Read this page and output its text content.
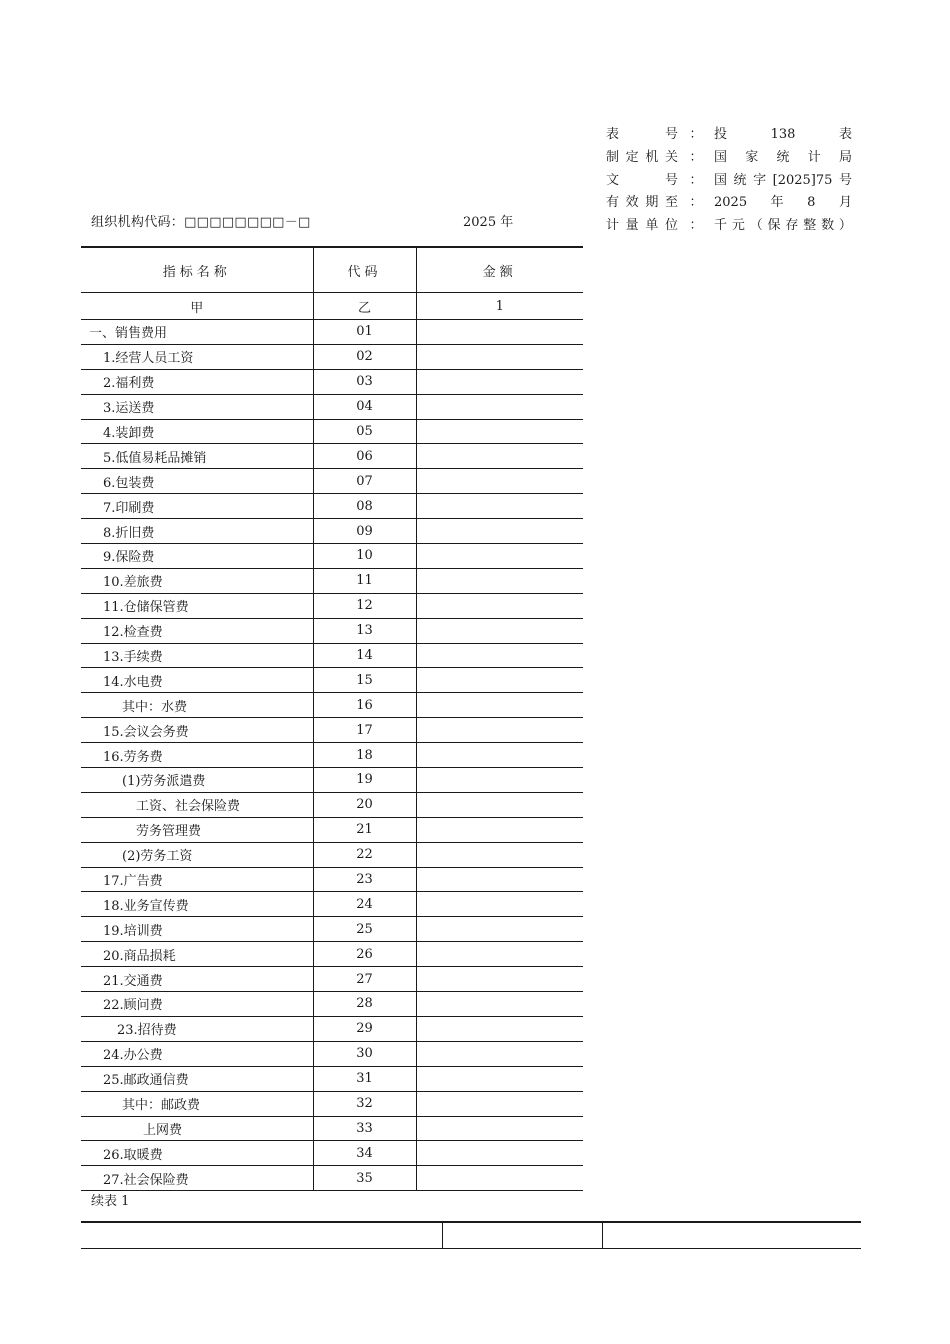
表	号 ： 投	138	表
制 定 机 关 ： 国 家 统 计 局
文	号 ： 国 统 字 [2025]75 号
有 效 期 至 ： 2025 年 8 月
计 量 单 位 ： 千 元 （ 保 存 整 数 ）
组织机构代码：□□□□□□□□－□	2025 年
指标名称	代码	金额
甲	乙	1
一、销售费用	01	
1.经营人员工资	02	
2.福利费	03	
3.运送费	04	
4.装卸费	05	
5.低值易耗品摊销	06	
6.包装费	07	
7.印刷费	08	
8.折旧费	09	
9.保险费	10	
10.差旅费	11	
11.仓储保管费	12	
12.检查费	13	
13.手续费	14	
14.水电费	15	
其中：水费	16	
15.会议会务费	17	
16.劳务费	18	
(1)劳务派遣费	19	
工资、社会保险费	20	
劳务管理费	21	
(2)劳务工资	22	
17.广告费	23	
18.业务宣传费	24	
19.培训费	25	
20.商品损耗	26	
21.交通费	27	
22.顾问费	28	
23.招待费	29	
24.办公费	30	
25.邮政通信费	31	
其中：邮政费	32	
上网费	33	
26.取暖费	34	
27.社会保险费	35	
续表 1
